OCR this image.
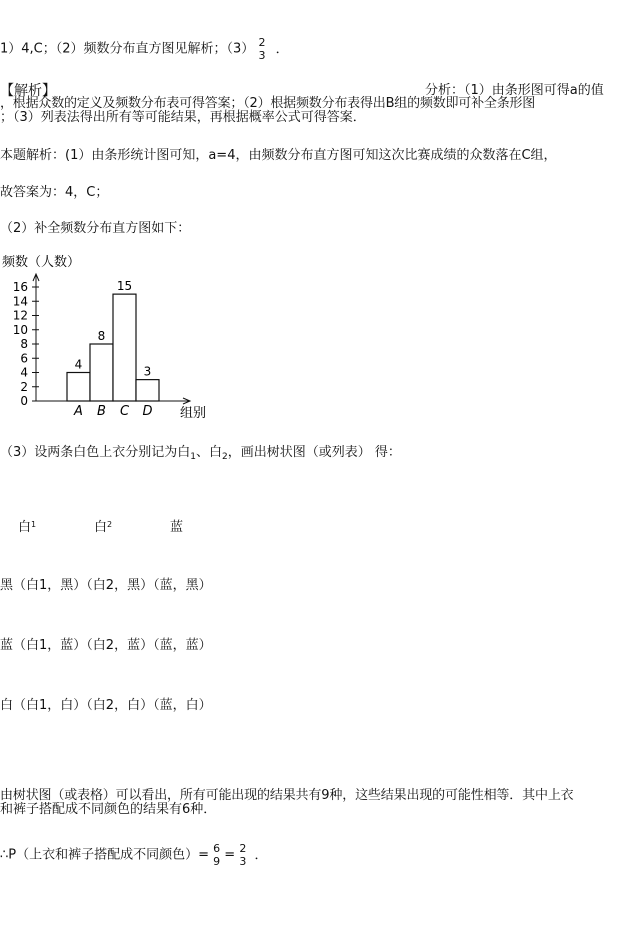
1）4,C；（2）频数分布直方图见解析；（3） 2
3 ．
【解析】	分析：（1）由条形图可得a的值
，根据众数的定义及频数分布表可得答案；（2）根据频数分布表得出B组的频数即可补全条形图
；（3）列表法得出所有等可能结果，再根据概率公式可得答案．
本题解析：(1）由条形统计图可知，a=4，由频数分布直方图可知这次比赛成绩的众数落在C组，
故答案为：4，C；
（2）补全频数分布直方图如下：
频数（人数）
组别
0
2
4
6
8
10
12
14
16
4
A
8
B
15
C
3
D
（3）设两条白色上衣分别记为白$_1$、白$_2$，画出树状图（或列表） 得：
白$^1$	白$^2$	蓝
黑（白1，黑）（白2，黑）（蓝，黑）
蓝（白1，蓝）（白2，蓝）（蓝，蓝）
白（白1，白）（白2，白）（蓝，白）
由树状图（或表格）可以看出，所有可能出现的结果共有9种，这些结果出现的可能性相等．其中上衣
和裤子搭配成不同颜色的结果有6种．
∴P（上衣和裤子搭配成不同颜色）= 6
9 = 2
3 ．
